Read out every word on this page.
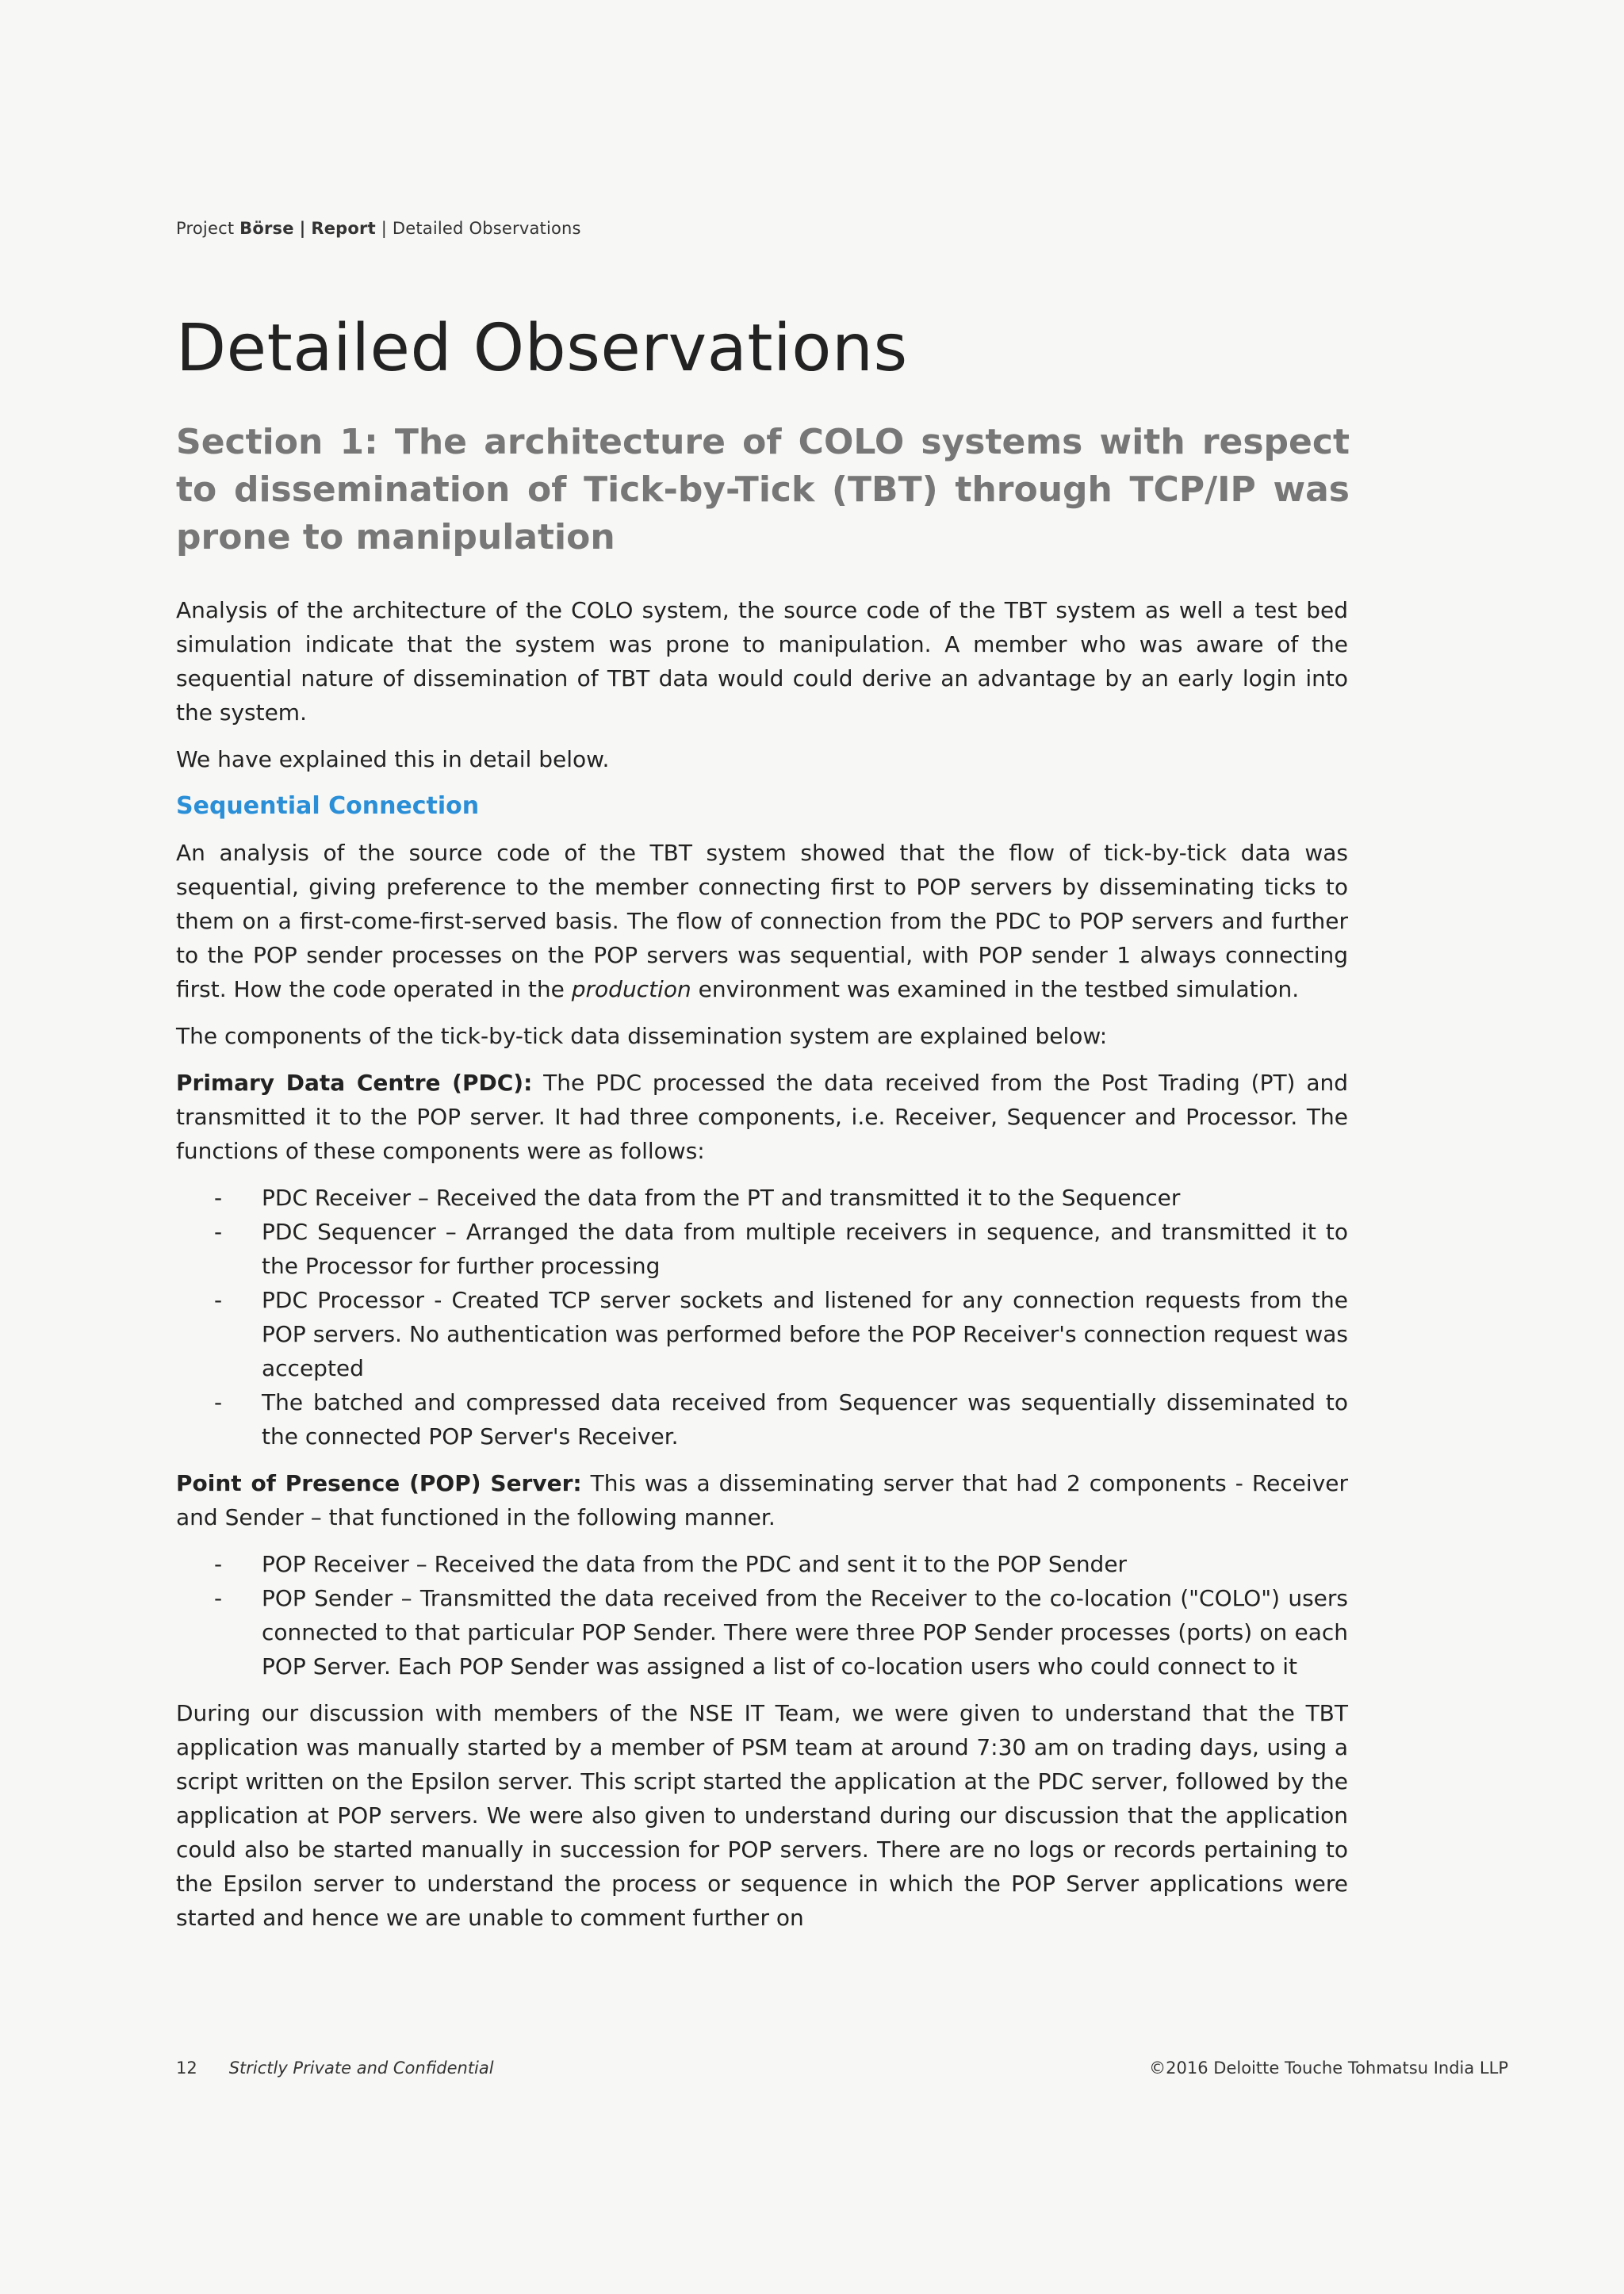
Project Börse | Report | Detailed Observations
Detailed Observations
Section 1: The architecture of COLO systems with respect to dissemination of Tick-by-Tick (TBT) through TCP/IP was prone to manipulation

Analysis of the architecture of the COLO system, the source code of the TBT system as well a test bed simulation indicate that the system was prone to manipulation. A member who was aware of the sequential nature of dissemination of TBT data would could derive an advantage by an early login into the system.

We have explained this in detail below.

Sequential Connection

An analysis of the source code of the TBT system showed that the flow of tick-by-tick data was sequential, giving preference to the member connecting first to POP servers by disseminating ticks to them on a first-come-first-served basis. The flow of connection from the PDC to POP servers and further to the POP sender processes on the POP servers was sequential, with POP sender 1 always connecting first. How the code operated in the production environment was examined in the testbed simulation.

The components of the tick-by-tick data dissemination system are explained below:

Primary Data Centre (PDC): The PDC processed the data received from the Post Trading (PT) and transmitted it to the POP server. It had three components, i.e. Receiver, Sequencer and Processor. The functions of these components were as follows:

- PDC Receiver – Received the data from the PT and transmitted it to the Sequencer
- PDC Sequencer – Arranged the data from multiple receivers in sequence, and transmitted it to the Processor for further processing
- PDC Processor - Created TCP server sockets and listened for any connection requests from the POP servers. No authentication was performed before the POP Receiver's connection request was accepted
- The batched and compressed data received from Sequencer was sequentially disseminated to the connected POP Server's Receiver.

Point of Presence (POP) Server: This was a disseminating server that had 2 components - Receiver and Sender – that functioned in the following manner.

- POP Receiver – Received the data from the PDC and sent it to the POP Sender
- POP Sender – Transmitted the data received from the Receiver to the co-location ("COLO") users connected to that particular POP Sender. There were three POP Sender processes (ports) on each POP Server. Each POP Sender was assigned a list of co-location users who could connect to it

During our discussion with members of the NSE IT Team, we were given to understand that the TBT application was manually started by a member of PSM team at around 7:30 am on trading days, using a script written on the Epsilon server. This script started the application at the PDC server, followed by the application at POP servers. We were also given to understand during our discussion that the application could also be started manually in succession for POP servers. There are no logs or records pertaining to the Epsilon server to understand the process or sequence in which the POP Server applications were started and hence we are unable to comment further on

12 Strictly Private and Confidential	©2016 Deloitte Touche Tohmatsu India LLP
